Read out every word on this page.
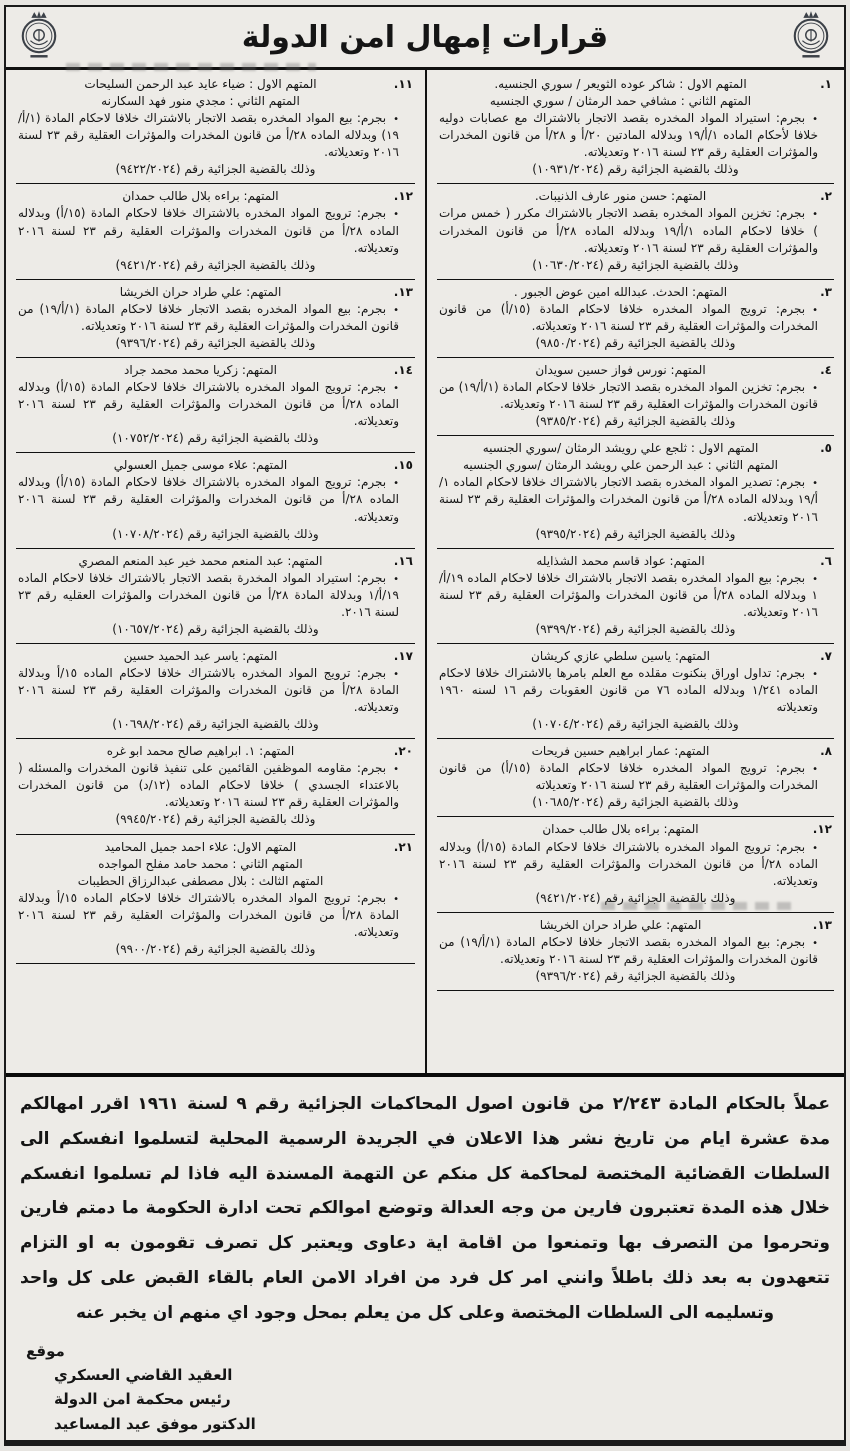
قرارات إمهال امن الدولة
١.
المتهم الاول : شاكر عوده الثويعر / سوري الجنسيه.
المتهم الثاني : مشافي حمد الرمثان / سوري الجنسيه
•بجرم: استيراد المواد المخدره بقصد الاتجار بالاشتراك مع عصابات دوليه خلافا لأحكام الماده ١/أ/١٩ وبدلاله المادتين ٢٠/أ و ٢٨/أ من قانون المخدرات والمؤثرات العقلية رقم ٢٣ لسنة ٢٠١٦ وتعديلاته.
وذلك بالقضية الجزائية رقم (١٠٩٣١/٢٠٢٤)
٢.
المتهم: حسن منور عارف الذنيبات.
•بجرم: تخزين المواد المخدره بقصد الاتجار بالاشتراك مكرر ( خمس مرات ) خلافا لاحكام الماده ١/أ/١٩ وبدلاله الماده ٢٨/أ من قانون المخدرات والمؤثرات العقلية رقم ٢٣ لسنة ٢٠١٦ وتعديلاته.
وذلك بالقضية الجزائية رقم (١٠٦٣٠/٢٠٢٤)
٣.
المتهم: الحدث. عبدالله امين عوض الجبور .
•بجرم: ترويج المواد المخدره خلافا لاحكام المادة (١٥/أ) من قانون المخدرات والمؤثرات العقلية رقم ٢٣ لسنة ٢٠١٦ وتعديلاته.
وذلك بالقضية الجزائية رقم (٩٨٥٠/٢٠٢٤)
٤.
المتهم: نورس فواز حسين سويدان
•بجرم: تخزين المواد المخدره بقصد الاتجار خلافا لاحكام المادة (١/أ/١٩) من قانون المخدرات والمؤثرات العقلية رقم ٢٣ لسنة ٢٠١٦ وتعديلاته.
وذلك بالقضية الجزائية رقم (٩٣٨٥/٢٠٢٤)
٥.
المتهم الاول : ثلجع علي رويشد الرمثان /سوري الجنسيه
المتهم الثاني : عبد الرحمن علي رويشد الرمثان /سوري الجنسيه
•بجرم: تصدير المواد المخدره بقصد الاتجار بالاشتراك خلافا لاحكام الماده ١/أ/١٩ وبدلاله الماده ٢٨/أ من قانون المخدرات والمؤثرات العقلية رقم ٢٣ لسنة ٢٠١٦ وتعديلاته.
وذلك بالقضية الجزائية رقم (٩٣٩٥/٢٠٢٤)
٦.
المتهم: عواد قاسم محمد الشذايله
•بجرم: بيع المواد المخدره بقصد الاتجار بالاشتراك خلافا لاحكام الماده ١٩/أ/١ وبدلاله الماده ٢٨/أ من قانون المخدرات والمؤثرات العقلية رقم ٢٣ لسنة ٢٠١٦ وتعديلاته.
وذلك بالقضية الجزائية رقم (٩٣٩٩/٢٠٢٤)
٧.
المتهم: ياسين سلطي عازي كريشان
•بجرم: تداول اوراق بنكنوت مقلده مع العلم بامرها بالاشتراك خلافا لاحكام الماده ١/٢٤١ وبدلاله الماده ٧٦ من قانون العقوبات رقم ١٦ لسنه ١٩٦٠ وتعديلاته
وذلك بالقضية الجزائية رقم (١٠٧٠٤/٢٠٢٤)
٨.
المتهم: عمار ابراهيم حسين فريحات
•بجرم: ترويج المواد المخدره خلافا لاحكام المادة (١٥/أ) من قانون المخدرات والمؤثرات العقلية رقم ٢٣ لسنة ٢٠١٦ وتعديلاته
وذلك بالقضية الجزائية رقم (١٠٦٨٥/٢٠٢٤)
١٢.
المتهم: براءه بلال طالب حمدان
•بجرم: ترويج المواد المخدره بالاشتراك خلافا لاحكام المادة (١٥/أ) وبدلاله الماده ٢٨/أ من قانون المخدرات والمؤثرات العقلية رقم ٢٣ لسنة ٢٠١٦ وتعديلاته.
وذلك بالقضية الجزائية رقم (٩٤٢١/٢٠٢٤)
١٣.
المتهم: علي طراد حران الخريشا
•بجرم: بيع المواد المخدره بقصد الاتجار خلافا لاحكام المادة (١/أ/١٩) من قانون المخدرات والمؤثرات العقلية رقم ٢٣ لسنة ٢٠١٦ وتعديلاته.
وذلك بالقضية الجزائية رقم (٩٣٩٦/٢٠٢٤)
١١.
المتهم الاول : ضياء عايد عبد الرحمن السليحات
المتهم الثاني : مجدي منور فهد السكارنه
•بجرم: بيع المواد المخدره بقصد الاتجار بالاشتراك خلافا لاحكام المادة (١/أ/١٩) وبدلاله الماده ٢٨/أ من قانون المخدرات والمؤثرات العقلية رقم ٢٣ لسنة ٢٠١٦ وتعديلاته.
وذلك بالقضية الجزائية رقم (٩٤٢٢/٢٠٢٤)
١٢.
المتهم: براءه بلال طالب حمدان
•بجرم: ترويج المواد المخدره بالاشتراك خلافا لاحكام المادة (١٥/أ) وبدلاله الماده ٢٨/أ من قانون المخدرات والمؤثرات العقلية رقم ٢٣ لسنة ٢٠١٦ وتعديلاته.
وذلك بالقضية الجزائية رقم (٩٤٢١/٢٠٢٤)
١٣.
المتهم: علي طراد حران الخريشا
•بجرم: بيع المواد المخدره بقصد الاتجار خلافا لاحكام المادة (١/أ/١٩) من قانون المخدرات والمؤثرات العقلية رقم ٢٣ لسنة ٢٠١٦ وتعديلاته.
وذلك بالقضية الجزائية رقم (٩٣٩٦/٢٠٢٤)
١٤.
المتهم: زكريا محمد محمد جراد
•بجرم: ترويج المواد المخدره بالاشتراك خلافا لاحكام المادة (١٥/أ) وبدلاله الماده ٢٨/أ من قانون المخدرات والمؤثرات العقلية رقم ٢٣ لسنة ٢٠١٦ وتعديلاته.
وذلك بالقضية الجزائية رقم (١٠٧٥٢/٢٠٢٤)
١٥.
المتهم: علاء موسى جميل العسولي
•بجرم: ترويج المواد المخدره بالاشتراك خلافا لاحكام المادة (١٥/أ) وبدلاله الماده ٢٨/أ من قانون المخدرات والمؤثرات العقلية رقم ٢٣ لسنة ٢٠١٦ وتعديلاته.
وذلك بالقضية الجزائية رقم (١٠٧٠٨/٢٠٢٤)
١٦.
المتهم: عبد المنعم محمد خير عبد المنعم المصري
•بجرم: استيراد المواد المخدرة بقصد الاتجار بالاشتراك خلافا لاحكام الماده ١٩/أ/١ وبدلالة المادة ٢٨/أ من قانون المخدرات والمؤثرات العقليه رقم ٢٣ لسنة ٢٠١٦.
وذلك بالقضية الجزائية رقم (١٠٦٥٧/٢٠٢٤)
١٧.
المتهم: ياسر عبد الحميد حسين
•بجرم: ترويج المواد المخدره بالاشتراك خلافا لاحكام الماده ١٥/أ وبدلالة المادة ٢٨/أ من قانون المخدرات والمؤثرات العقلية رقم ٢٣ لسنة ٢٠١٦ وتعديلاته.
وذلك بالقضية الجزائية رقم (١٠٦٩٨/٢٠٢٤)
٢٠.
المتهم: ١. ابراهيم صالح محمد ابو غره
•بجرم: مقاومه الموظفين القائمين على تنفيذ قانون المخدرات والمسئله ( بالاعتداء الجسدي ) خلافا لاحكام الماده (١٢/د) من قانون المخدرات والمؤثرات العقلية رقم ٢٣ لسنة ٢٠١٦ وتعديلاته.
وذلك بالقضية الجزائية رقم (٩٩٤٥/٢٠٢٤)
٢١.
المتهم الاول: علاء احمد جميل المحاميد
المتهم الثاني : محمد حامد مفلح المواجده
المتهم الثالث : بلال مصطفى عبدالرزاق الحطيبات
•بجرم: ترويج المواد المخدره بالاشتراك خلافا لاحكام الماده ١٥/أ وبدلالة المادة ٢٨/أ من قانون المخدرات والمؤثرات العقلية رقم ٢٣ لسنة ٢٠١٦ وتعديلاته.
وذلك بالقضية الجزائية رقم (٩٩٠٠/٢٠٢٤)

عملاً بالحكام المادة ٢/٢٤٣ من قانون اصول المحاكمات الجزائية رقم ٩ لسنة ١٩٦١ اقرر امهالكم مدة عشرة ايام من تاريخ نشر هذا الاعلان في الجريدة الرسمية المحلية لتسلموا انفسكم الى السلطات القضائية المختصة لمحاكمة كل منكم عن التهمة المسندة اليه فاذا لم تسلموا انفسكم خلال هذه المدة تعتبرون فارين من وجه العدالة وتوضع اموالكم تحت ادارة الحكومة ما دمتم فارين وتحرموا من التصرف بها وتمنعوا من اقامة اية دعاوى ويعتبر كل تصرف تقومون به او التزام تتعهدون به بعد ذلك باطلاً وانني امر كل فرد من افراد الامن العام بالقاء القبض على كل واحد وتسليمه الى السلطات المختصة وعلى كل من يعلم بمحل وجود اي منهم ان يخبر عنه

موقع
العقيد القاضي العسكري
رئيس محكمة امن الدولة
الدكتور موفق عيد المساعيد
